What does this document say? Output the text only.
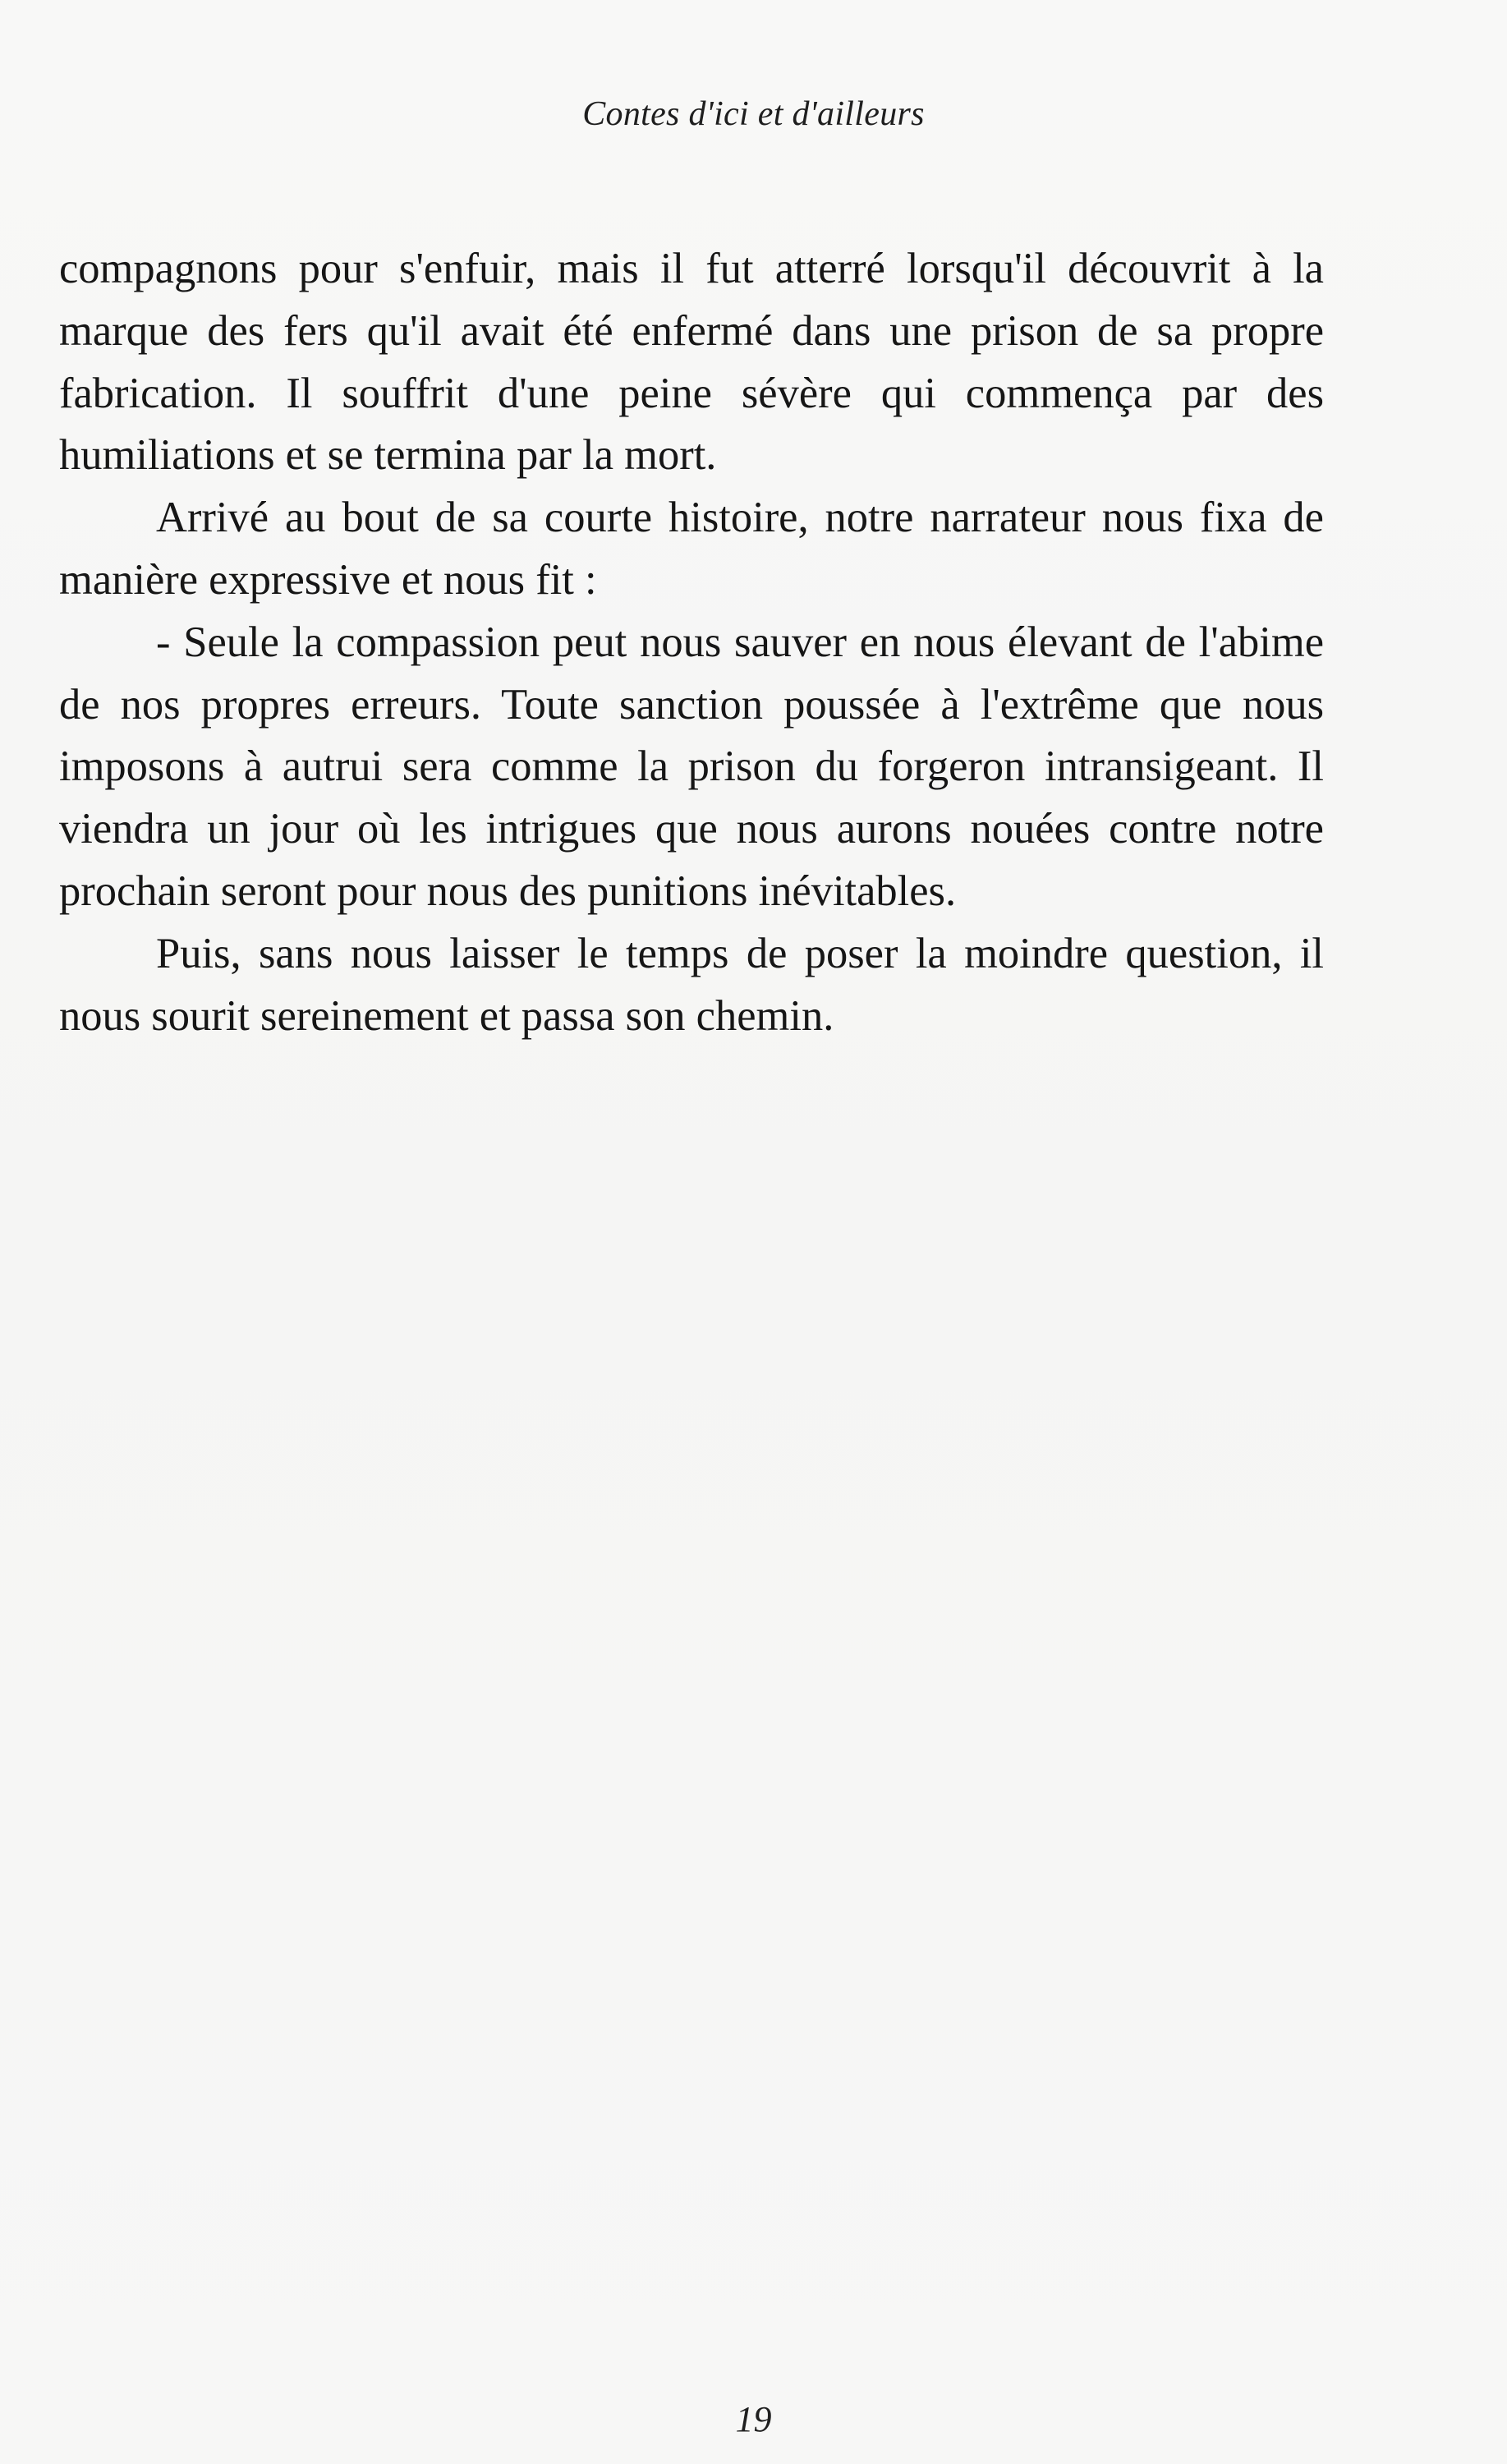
Contes d'ici et d'ailleurs

compagnons pour s'enfuir, mais il fut atterré lorsqu'il découvrit à la marque des fers qu'il avait été enfermé dans une prison de sa propre fabrication. Il souffrit d'une peine sévère qui commença par des humiliations et se termina par la mort.

Arrivé au bout de sa courte histoire, notre narrateur nous fixa de manière expressive et nous fit :

- Seule la compassion peut nous sauver en nous élevant de l'abime de nos propres erreurs. Toute sanction poussée à l'extrême que nous imposons à autrui sera comme la prison du forgeron intransigeant. Il viendra un jour où les intrigues que nous aurons nouées contre notre prochain seront pour nous des punitions inévitables.

Puis, sans nous laisser le temps de poser la moindre question, il nous sourit sereinement et passa son chemin.

19
